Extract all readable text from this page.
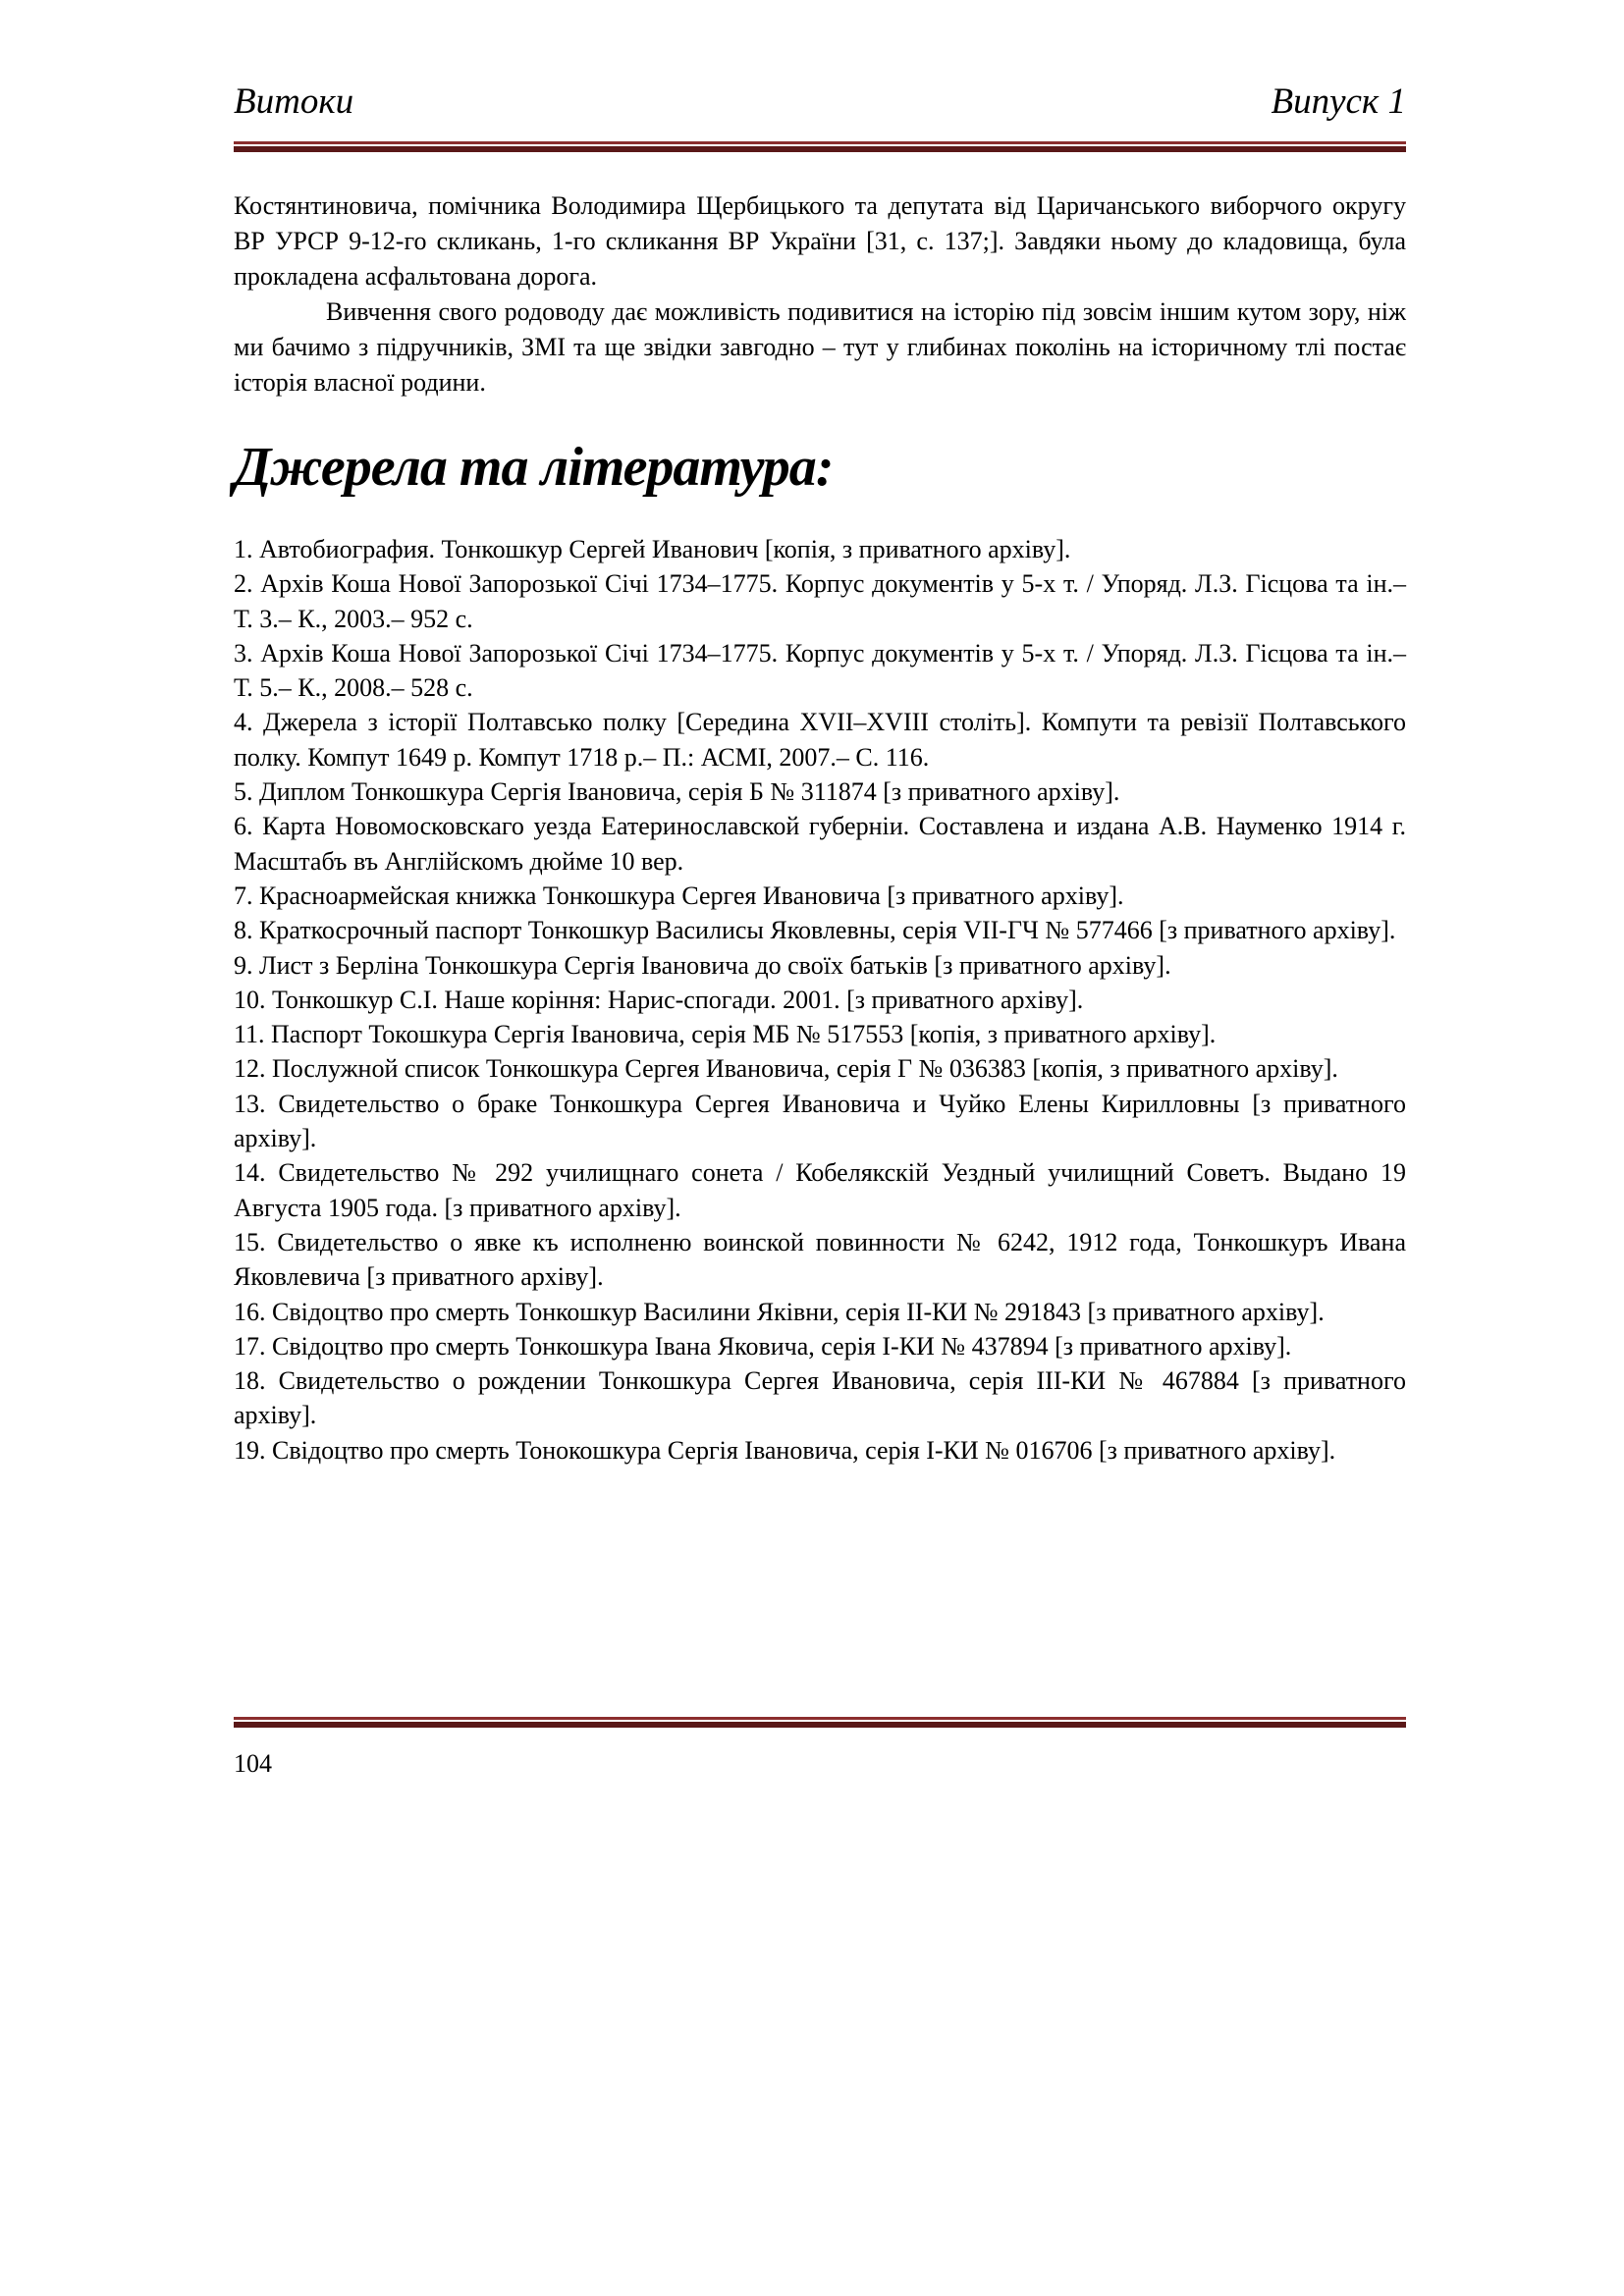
Витоки	Випуск 1

Костянтиновича, помічника Володимира Щербицького та депутата від Царичанського виборчого округу ВР УРСР 9-12-го скликань, 1-го скликання ВР України [31, с. 137;]. Завдяки ньому до кладовища, була прокладена асфальтована дорога.

Вивчення свого родоводу дає можливість подивитися на історію під зовсім іншим кутом зору, ніж ми бачимо з підручників, ЗМІ та ще звідки завгодно – тут у глибинах поколінь на історичному тлі постає історія власної родини.

Джерела та література:
1. Автобиография. Тонкошкур Сергей Иванович [копія, з приватного архіву].
2. Архів Коша Нової Запорозької Січі 1734–1775. Корпус документів у 5-х т. / Упоряд. Л.З. Гісцова та ін.– Т. 3.– К., 2003.– 952 с.
3. Архів Коша Нової Запорозької Січі 1734–1775. Корпус документів у 5-х т. / Упоряд. Л.З. Гісцова та ін.– Т. 5.– К., 2008.– 528 с.
4. Джерела з історії Полтавсько полку [Середина XVII–XVIII століть]. Компути та ревізії Полтавського полку. Компут 1649 р. Компут 1718 р.– П.: АСМІ, 2007.– С. 116.
5. Диплом Тонкошкура Сергія Івановича, серія Б № 311874 [з приватного архіву].
6. Карта Новомосковскаго уезда Еатеринославской губерніи. Составлена и издана А.В. Науменко 1914 г. Масштабъ въ Англійскомъ дюйме 10 вер.
7. Красноармейская книжка Тонкошкура Сергея Ивановича [з приватного архіву].
8. Краткосрочный паспорт Тонкошкур Василисы Яковлевны, серія VII-ГЧ № 577466 [з приватного архіву].
9. Лист з Берліна Тонкошкура Сергія Івановича до своїх батьків [з приватного архіву].
10. Тонкошкур С.І. Наше коріння: Нарис-спогади. 2001. [з приватного архіву].
11. Паспорт Токошкура Сергія Івановича, серія МБ № 517553 [копія, з приватного архіву].
12. Послужной список Тонкошкура Сергея Ивановича, серія Г № 036383 [копія, з приватного архіву].
13. Свидетельство о браке Тонкошкура Сергея Ивановича и Чуйко Елены Кирилловны [з приватного архіву].
14. Свидетельство № 292 училищнаго сонета / Кобелякскій Уездный училищний Советъ. Выдано 19 Августа 1905 года. [з приватного архіву].
15. Свидетельство о явке къ исполненю воинской повинности № 6242, 1912 года, Тонкошкуръ Ивана Яковлевича [з приватного архіву].
16. Свідоцтво про смерть Тонкошкур Василини Яківни, серія II-КИ № 291843 [з приватного архіву].
17. Свідоцтво про смерть Тонкошкура Івана Яковича, серія I-КИ № 437894 [з приватного архіву].
18. Свидетельство о рождении Тонкошкура Сергея Ивановича, серія III-КИ № 467884 [з приватного архіву].
19. Свідоцтво про смерть Тонокошкура Сергія Івановича, серія I-КИ № 016706 [з приватного архіву].
104
